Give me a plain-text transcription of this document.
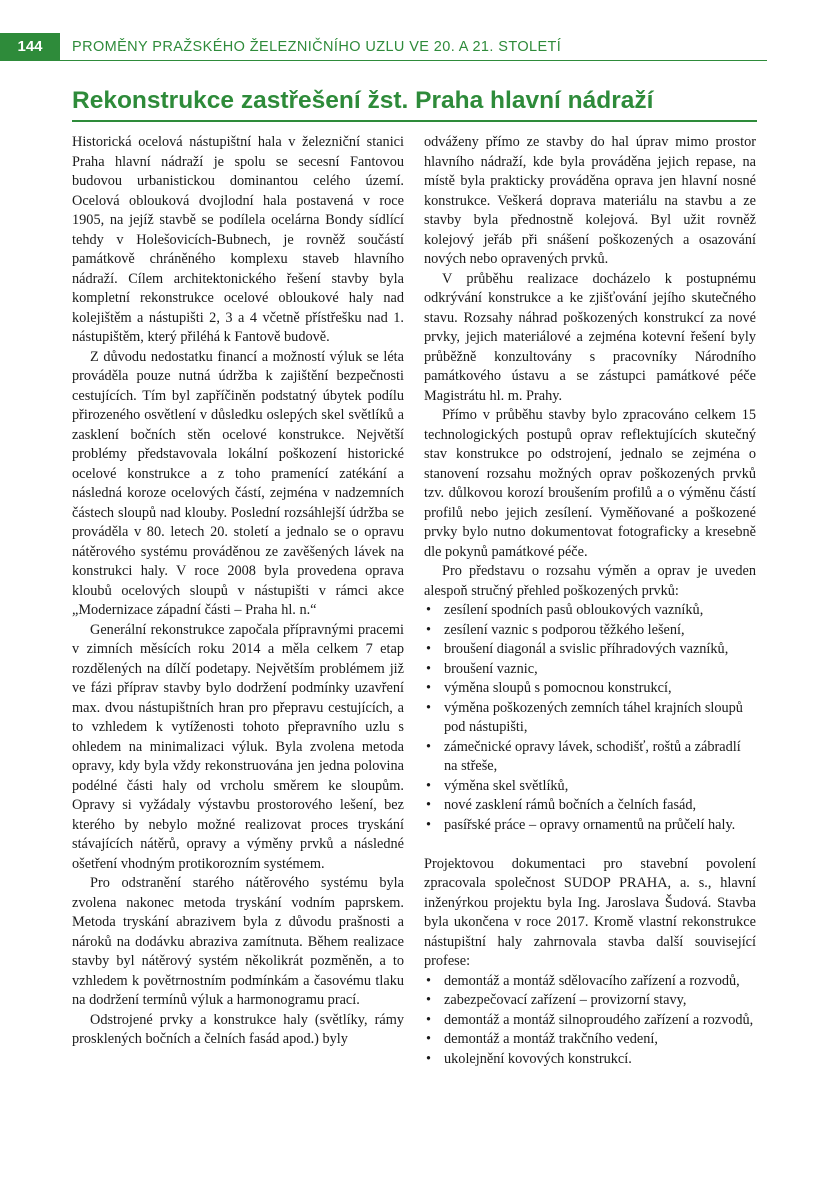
144	PROMĚNY PRAŽSKÉHO ŽELEZNIČNÍHO UZLU VE 20. A 21. STOLETÍ
Rekonstrukce zastřešení žst. Praha hlavní nádraží

Historická ocelová nástupištní hala v železniční stanici Praha hlavní nádraží je spolu se secesní Fantovou budovou urbanistickou dominantou celého území. Ocelová oblouková dvojlodní hala postavená v roce 1905, na jejíž stavbě se podílela ocelárna Bondy sídlící tehdy v Holešovicích-Bubnech, je rovněž součástí památkově chráněného komplexu staveb hlavního nádraží. Cílem architektonického řešení stavby byla kompletní rekonstrukce ocelové obloukové haly nad kolejištěm a nástupišti 2, 3 a 4 včetně přístřešku nad 1. nástupištěm, který přiléhá k Fantově budově.

Z důvodu nedostatku financí a možností výluk se léta prováděla pouze nutná údržba k zajištění bezpečnosti cestujících. Tím byl zapříčiněn podstatný úbytek podílu přirozeného osvětlení v důsledku oslepých skel světlíků a zasklení bočních stěn ocelové konstrukce. Největší problémy představovala lokální poškození historické ocelové konstrukce a z toho pramenící zatékání a následná koroze ocelových částí, zejména v nadzemních částech sloupů nad klouby. Poslední rozsáhlejší údržba se prováděla v 80. letech 20. století a jednalo se o opravu nátěrového systému prováděnou ze zavěšených lávek na konstrukci haly. V roce 2008 byla provedena oprava kloubů ocelových sloupů v nástupišti v rámci akce „Modernizace západní části – Praha hl. n.“

Generální rekonstrukce započala přípravnými pracemi v zimních měsících roku 2014 a měla celkem 7 etap rozdělených na dílčí podetapy. Největším problémem již ve fázi příprav stavby bylo dodržení podmínky uzavření max. dvou nástupištních hran pro přepravu cestujících, a to vzhledem k vytíženosti tohoto přepravního uzlu s ohledem na minimalizaci výluk. Byla zvolena metoda opravy, kdy byla vždy rekonstruována jen jedna polovina podélné části haly od vrcholu směrem ke sloupům. Opravy si vyžádaly výstavbu prostorového lešení, bez kterého by nebylo možné realizovat proces tryskání stávajících nátěrů, opravy a výměny prvků a následné ošetření vhodným protikorozním systémem.

Pro odstranění starého nátěrového systému byla zvolena nakonec metoda tryskání vodním paprskem. Metoda tryskání abrazivem byla z důvodu prašnosti a nároků na dodávku abraziva zamítnuta. Během realizace stavby byl nátěrový systém několikrát pozměněn, a to vzhledem k povětrnostním podmínkám a časovému tlaku na dodržení termínů výluk a harmonogramu prací.

Odstrojené prvky a konstrukce haly (světlíky, rámy prosklených bočních a čelních fasád apod.) byly

odváženy přímo ze stavby do hal úprav mimo prostor hlavního nádraží, kde byla prováděna jejich repase, na místě byla prakticky prováděna oprava jen hlavní nosné konstrukce. Veškerá doprava materiálu na stavbu a ze stavby byla přednostně kolejová. Byl užit rovněž kolejový jeřáb při snášení poškozených a osazování nových nebo opravených prvků.

V průběhu realizace docházelo k postupnému odkrývání konstrukce a ke zjišťování jejího skutečného stavu. Rozsahy náhrad poškozených konstrukcí za nové prvky, jejich materiálové a zejména kotevní řešení byly průběžně konzultovány s pracovníky Národního památkového ústavu a se zástupci památkové péče Magistrátu hl. m. Prahy.

Přímo v průběhu stavby bylo zpracováno celkem 15 technologických postupů oprav reflektujících skutečný stav konstrukce po odstrojení, jednalo se zejména o stanovení rozsahu možných oprav poškozených prvků tzv. důlkovou korozí broušením profilů a o výměnu částí profilů nebo jejich zesílení. Vyměňované a poškozené prvky bylo nutno dokumentovat fotograficky a kresebně dle pokynů památkové péče.

Pro představu o rozsahu výměn a oprav je uveden alespoň stručný přehled poškozených prvků:

• zesílení spodních pasů obloukových vazníků,
• zesílení vaznic s podporou těžkého lešení,
• broušení diagonál a svislic příhradových vazníků,
• broušení vaznic,
• výměna sloupů s pomocnou konstrukcí,
• výměna poškozených zemních táhel krajních sloupů pod nástupišti,
• zámečnické opravy lávek, schodišť, roštů a zábradlí na střeše,
• výměna skel světlíků,
• nové zasklení rámů bočních a čelních fasád,
• pasířské práce – opravy ornamentů na průčelí haly.

Projektovou dokumentaci pro stavební povolení zpracovala společnost SUDOP PRAHA, a. s., hlavní inženýrkou projektu byla Ing. Jaroslava Šudová. Stavba byla ukončena v roce 2017. Kromě vlastní rekonstrukce nástupištní haly zahrnovala stavba další související profese:

• demontáž a montáž sdělovacího zařízení a rozvodů,
• zabezpečovací zařízení – provizorní stavy,
• demontáž a montáž silnoproudého zařízení a rozvodů,
• demontáž a montáž trakčního vedení,
• ukolejnění kovových konstrukcí.
